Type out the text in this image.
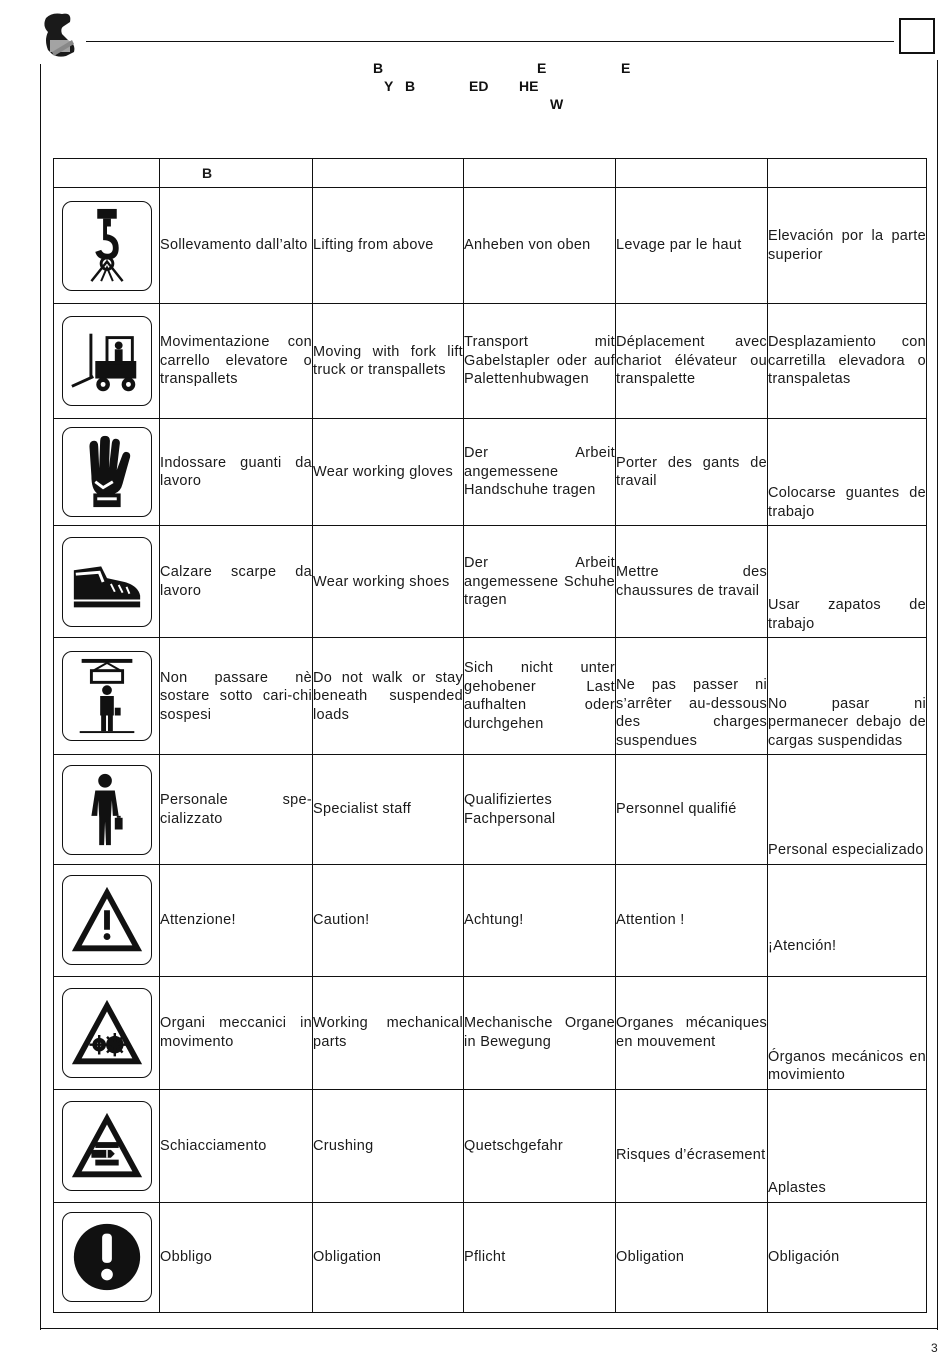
B	E	E
Y B	ED HE
W
	B				

	Sollevamento dall’alto	Lifting from above	Anheben von oben	Levage par le haut	Elevación por la parte superior

	Movimentazione con carrello elevatore o transpallets	Moving with fork lift truck or transpallets	Transport mit Gabelstapler oder auf Palettenhubwagen	Déplacement avec chariot élévateur ou transpalette	Desplazamiento con carretilla elevadora o transpaletas

	Indossare guanti da lavoro	Wear working gloves	Der Arbeit angemessene Handschuhe tragen	Porter des gants de travail	Colocarse guantes de trabajo

	Calzare scarpe da lavoro	Wear working shoes	Der Arbeit angemessene Schuhe tragen	Mettre des chaussures de travail	Usar zapatos de trabajo

	Non passare nè sostare sotto cari-chi sospesi	Do not walk or stay beneath suspended loads	Sich nicht unter gehobener Last aufhalten oder durchgehen	Ne pas passer ni s’arrêter au-dessous des charges suspendues	No pasar ni permanecer debajo de cargas suspendidas

	Personale spe-cializzato	Specialist staff	Qualifiziertes Fachpersonal	Personnel qualifié	Personal especializado

	Attenzione!	Caution!	Achtung!	Attention !	¡Atención!

	Organi meccanici in movimento	Working mechanical parts	Mechanische Organe in Bewegung	Organes mécaniques en mouvement	Órganos mecánicos en movimiento

	Schiacciamento	Crushing	Quetschgefahr	Risques d’écrasement	Aplastes

	Obbligo	Obligation	Pflicht	Obligation	Obligación
3
